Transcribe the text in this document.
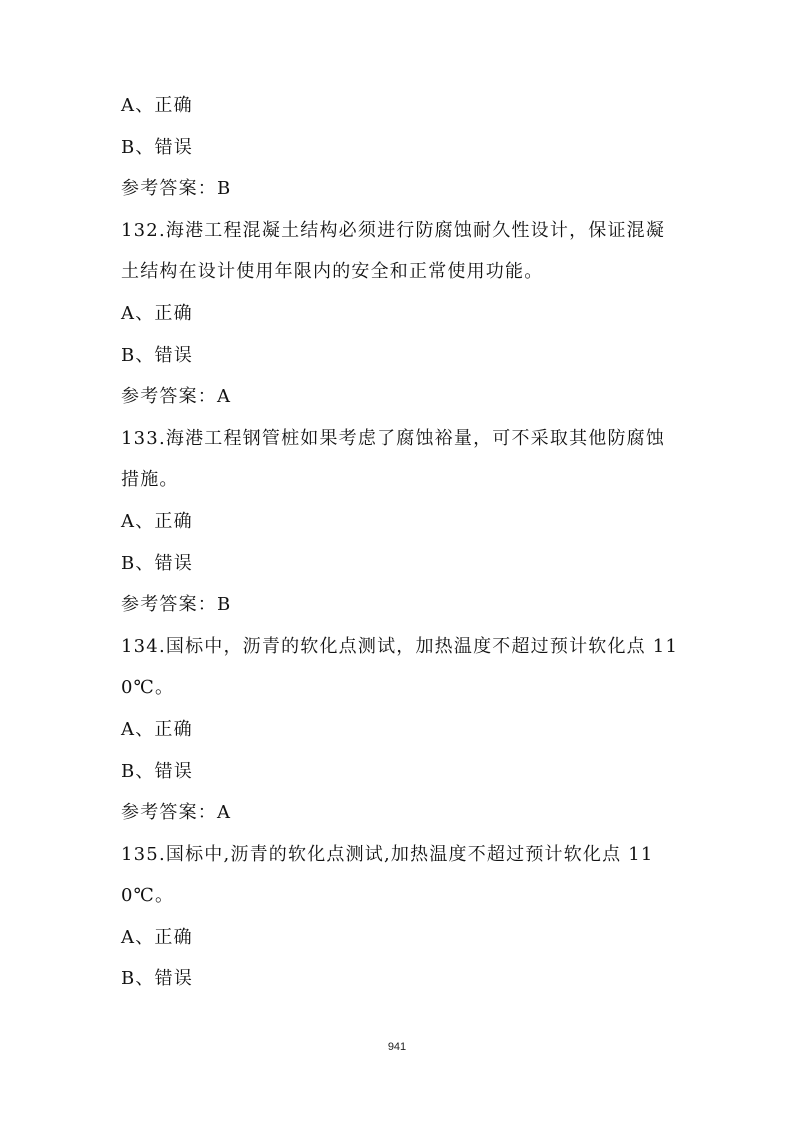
A、正确
B、错误
参考答案：B
132.海港工程混凝土结构必须进行防腐蚀耐久性设计，保证混凝
土结构在设计使用年限内的安全和正常使用功能。
A、正确
B、错误
参考答案：A
133.海港工程钢管桩如果考虑了腐蚀裕量，可不采取其他防腐蚀
措施。
A、正确
B、错误
参考答案：B
134.国标中，沥青的软化点测试，加热温度不超过预计软化点 11
0℃。
A、正确
B、错误
参考答案：A
135.国标中,沥青的软化点测试,加热温度不超过预计软化点 11
0℃。
A、正确
B、错误
941
